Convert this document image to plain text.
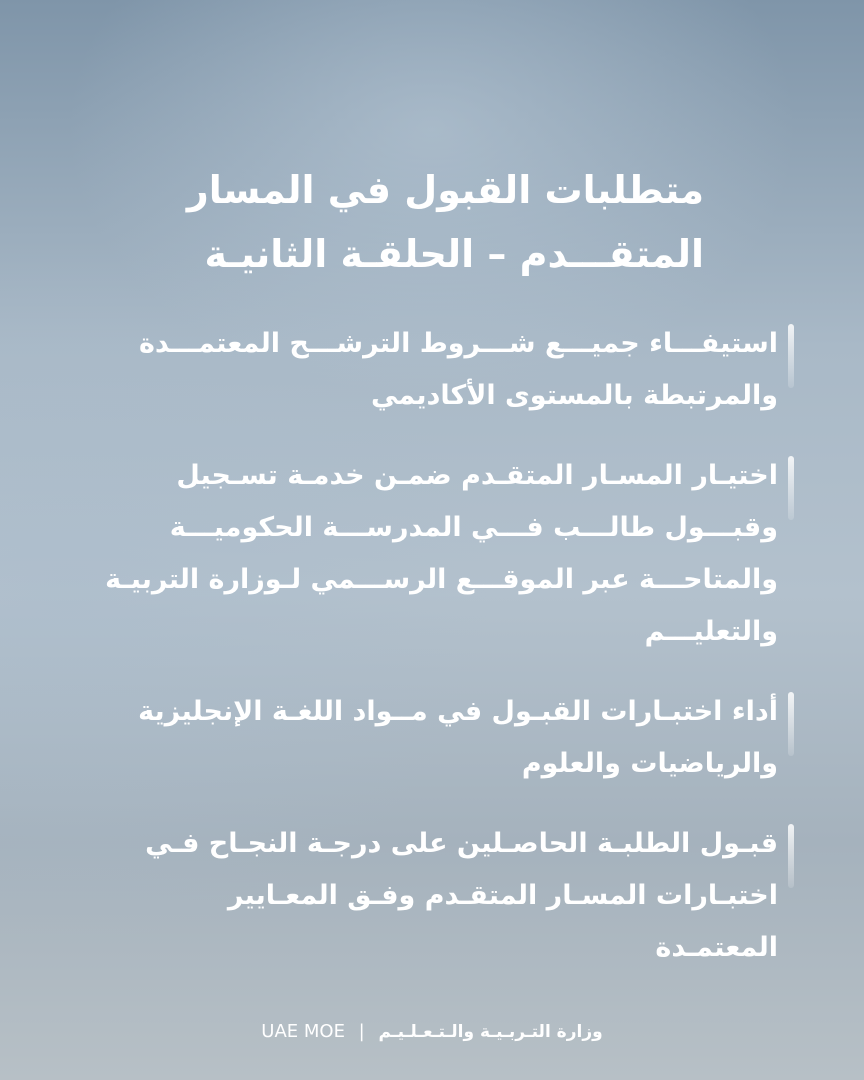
متطلبات القبول في المسار
المتقـــدم – الحلقـة الثانيـة
استيفـــاء جميـــع شـــروط الترشـــح المعتمـــدة
والمرتبطة بالمستوى الأكاديمي
اختيـار المسـار المتقـدم ضمـن خدمـة تسـجيل
وقبـــول طالـــب فـــي المدرســـة الحكوميـــة
والمتاحـــة عبر الموقـــع الرســـمي لـوزارة التربيـة
والتعليـــم
أداء اختبـارات القبـول في مــواد اللغـة الإنجليزية
والرياضيات والعلوم
قبـول الطلبـة الحاصـلين على درجـة النجـاح فـي
اختبـارات المسـار المتقـدم وفـق المعـايير
المعتمـدة
UAE MOE | وزارة التـربـيـة والـتـعـلـيـم
